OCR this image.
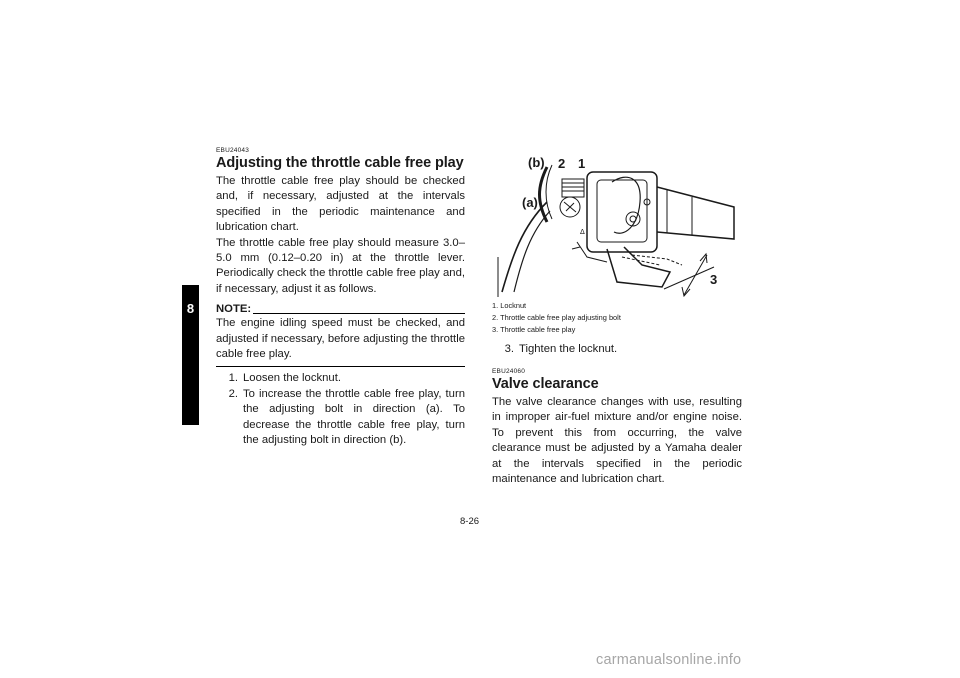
8

EBU24043

Adjusting the throttle cable free play

The throttle cable free play should be checked and, if necessary, adjusted at the intervals specified in the periodic maintenance and lubrication chart.

The throttle cable free play should measure 3.0–5.0 mm (0.12–0.20 in) at the throttle lever. Periodically check the throttle cable free play and, if necessary, adjust it as follows.

NOTE:

The engine idling speed must be checked, and adjusted if necessary, before adjusting the throttle cable free play.

1. Loosen the locknut.
2. To increase the throttle cable free play, turn the adjusting bolt in direction (a). To decrease the throttle cable free play, turn the adjusting bolt in direction (b).
Δ
(b) 2 1
(a)
3
1. Locknut
2. Throttle cable free play adjusting bolt
3. Throttle cable free play
3. Tighten the locknut.

EBU24060

Valve clearance

The valve clearance changes with use, resulting in improper air-fuel mixture and/or engine noise. To prevent this from occurring, the valve clearance must be adjusted by a Yamaha dealer at the intervals specified in the periodic maintenance and lubrication chart.

8-26
carmanualsonline.info
